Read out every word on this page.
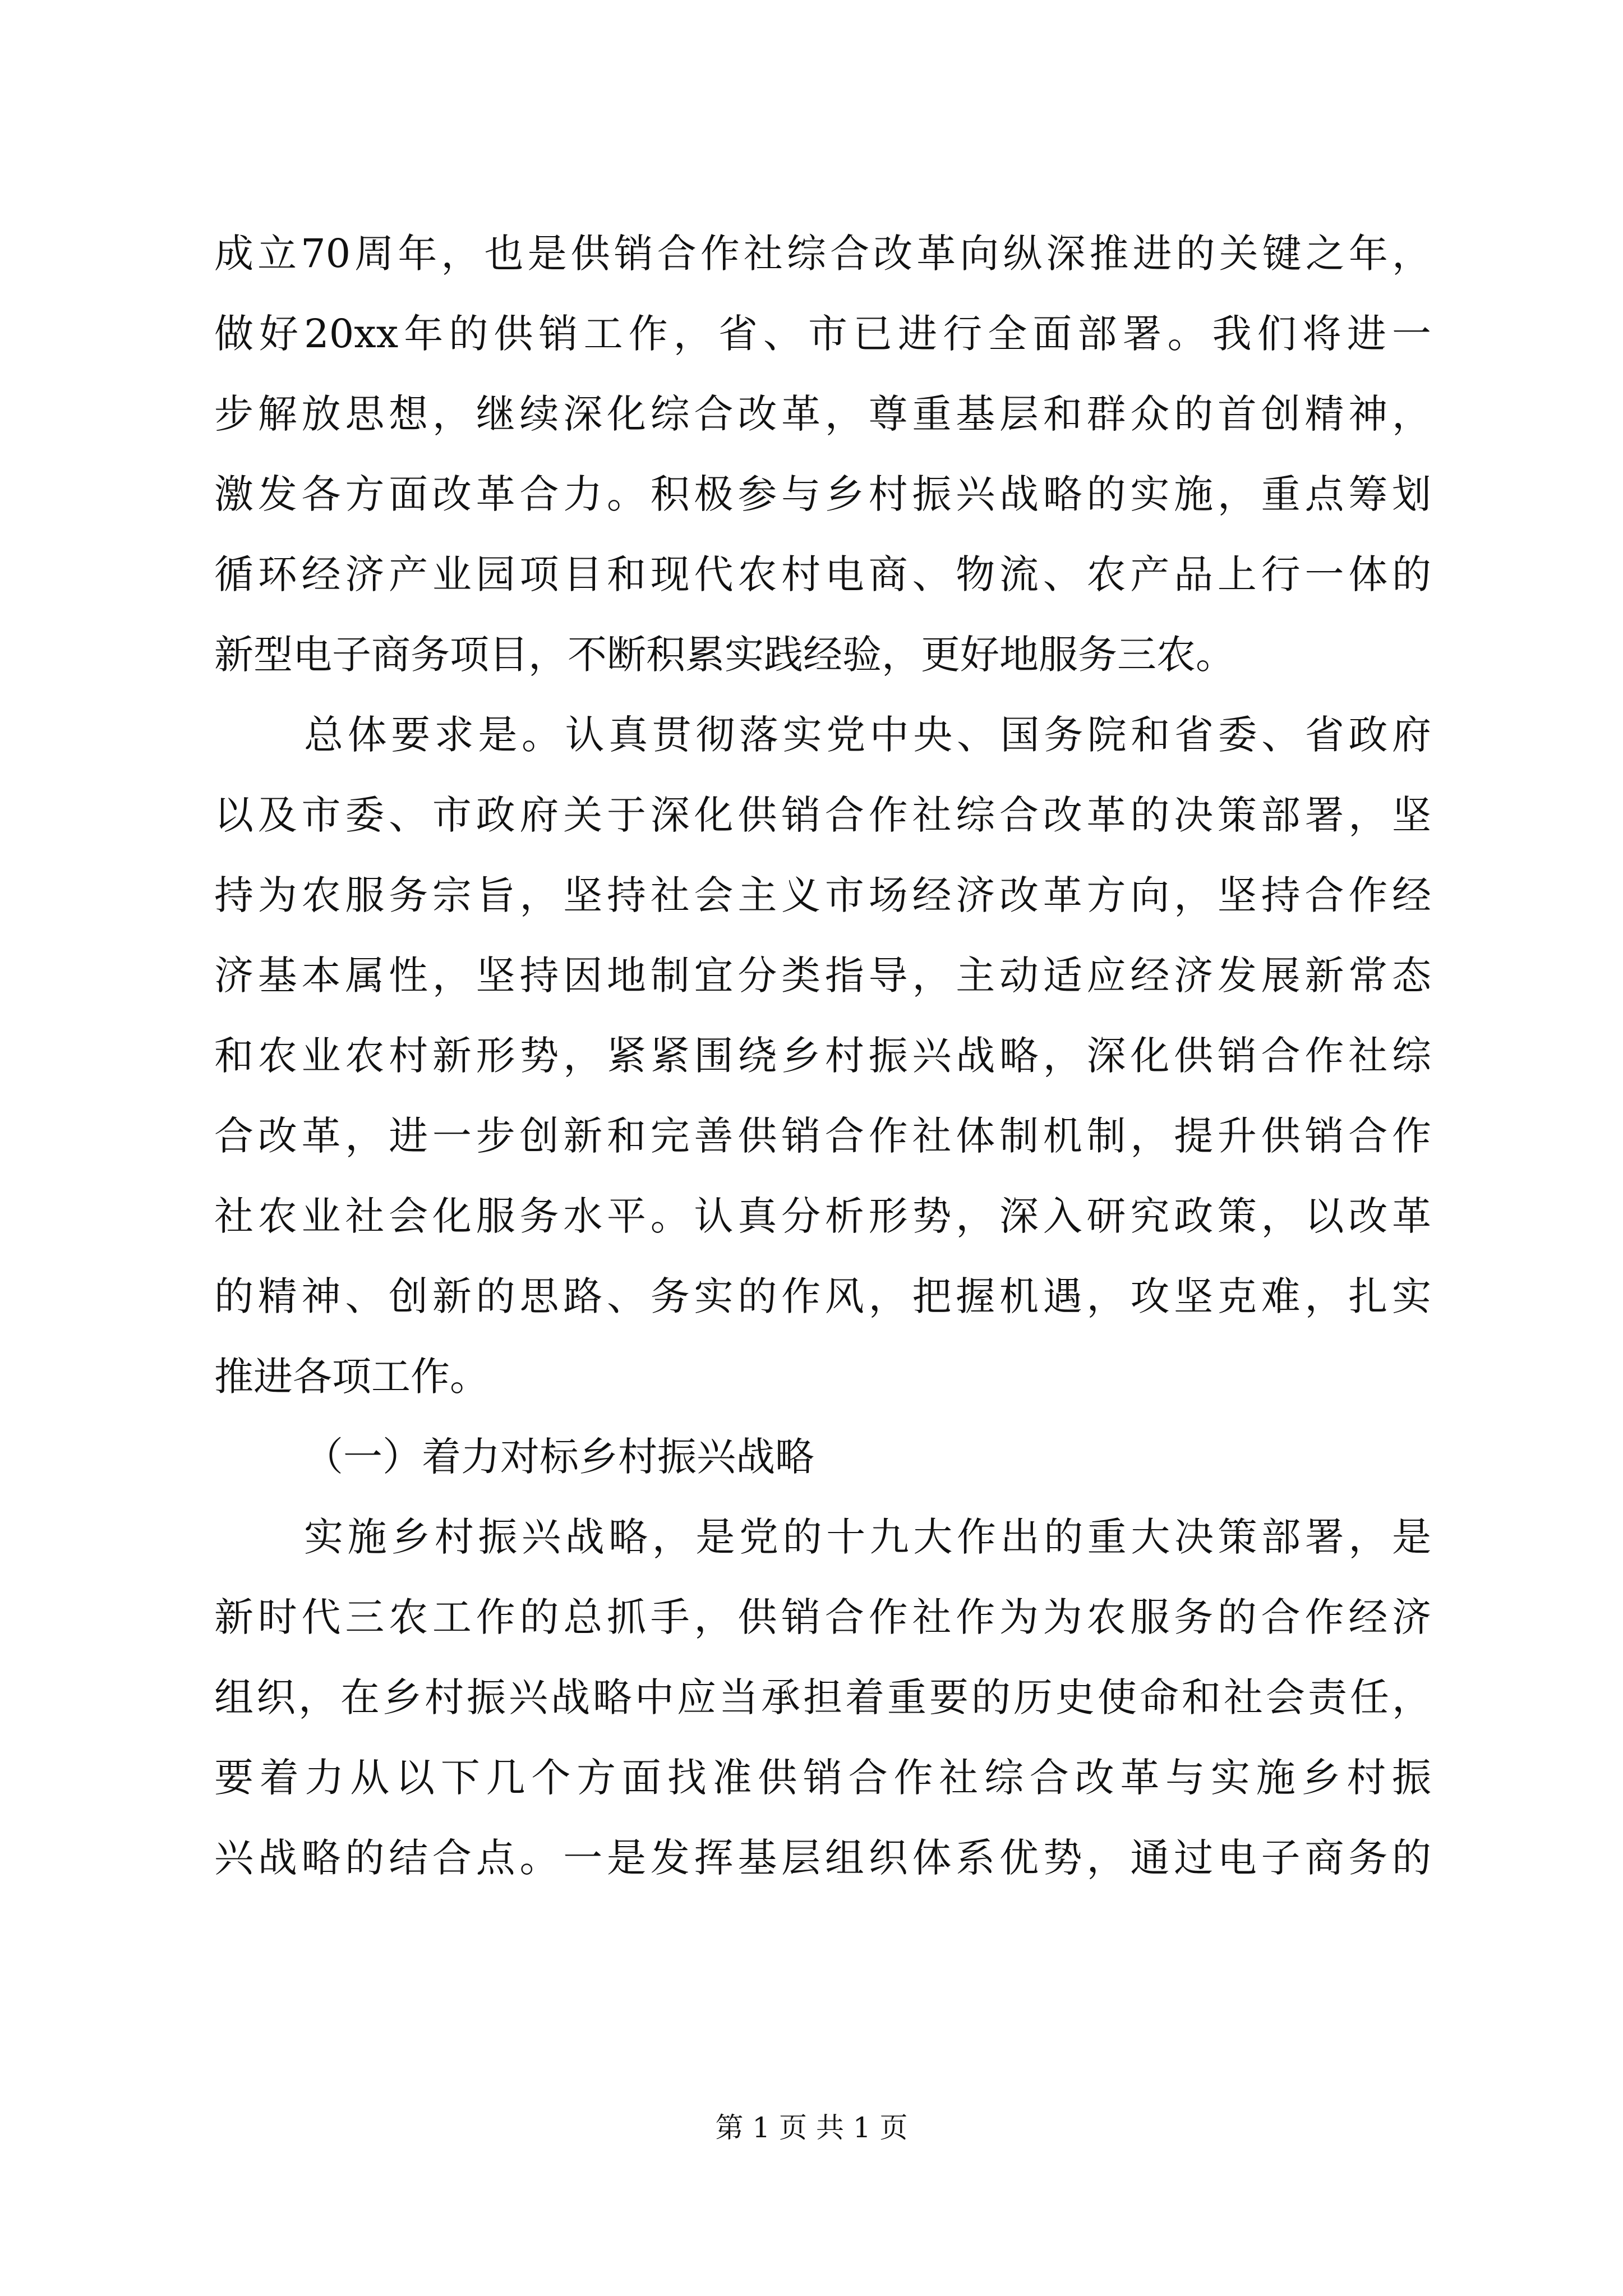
成立70周年，也是供销合作社综合改革向纵深推进的关键之年，

做好20xx年的供销工作，省、市已进行全面部署。我们将进一

步解放思想，继续深化综合改革，尊重基层和群众的首创精神，

激发各方面改革合力。积极参与乡村振兴战略的实施，重点筹划

循环经济产业园项目和现代农村电商、物流、农产品上行一体的

新型电子商务项目，不断积累实践经验，更好地服务三农。

总体要求是。认真贯彻落实党中央、国务院和省委、省政府

以及市委、市政府关于深化供销合作社综合改革的决策部署，坚

持为农服务宗旨，坚持社会主义市场经济改革方向，坚持合作经

济基本属性，坚持因地制宜分类指导，主动适应经济发展新常态

和农业农村新形势，紧紧围绕乡村振兴战略，深化供销合作社综

合改革，进一步创新和完善供销合作社体制机制，提升供销合作

社农业社会化服务水平。认真分析形势，深入研究政策，以改革

的精神、创新的思路、务实的作风，把握机遇，攻坚克难，扎实

推进各项工作。

（一）着力对标乡村振兴战略

实施乡村振兴战略，是党的十九大作出的重大决策部署，是

新时代三农工作的总抓手，供销合作社作为为农服务的合作经济

组织，在乡村振兴战略中应当承担着重要的历史使命和社会责任，

要着力从以下几个方面找准供销合作社综合改革与实施乡村振

兴战略的结合点。一是发挥基层组织体系优势，通过电子商务的

第 1 页 共 1 页
